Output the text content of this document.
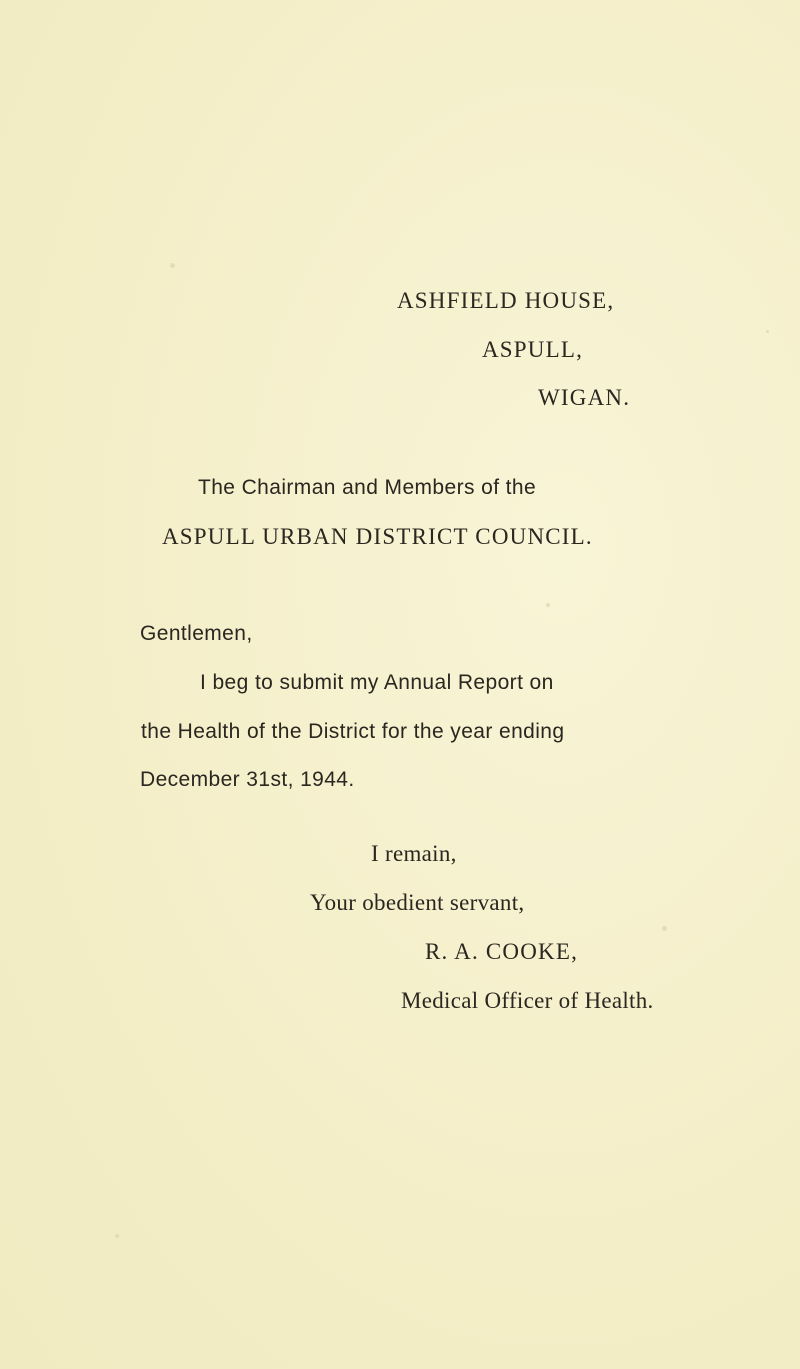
ASHFIELD HOUSE,
ASPULL,
WIGAN.
The Chairman and Members of the
ASPULL URBAN DISTRICT COUNCIL.
Gentlemen,
I beg to submit my Annual Report on
the Health of the District for the year ending
December 31st, 1944.
I remain,
Your obedient servant,
R. A. COOKE,
Medical Officer of Health.
